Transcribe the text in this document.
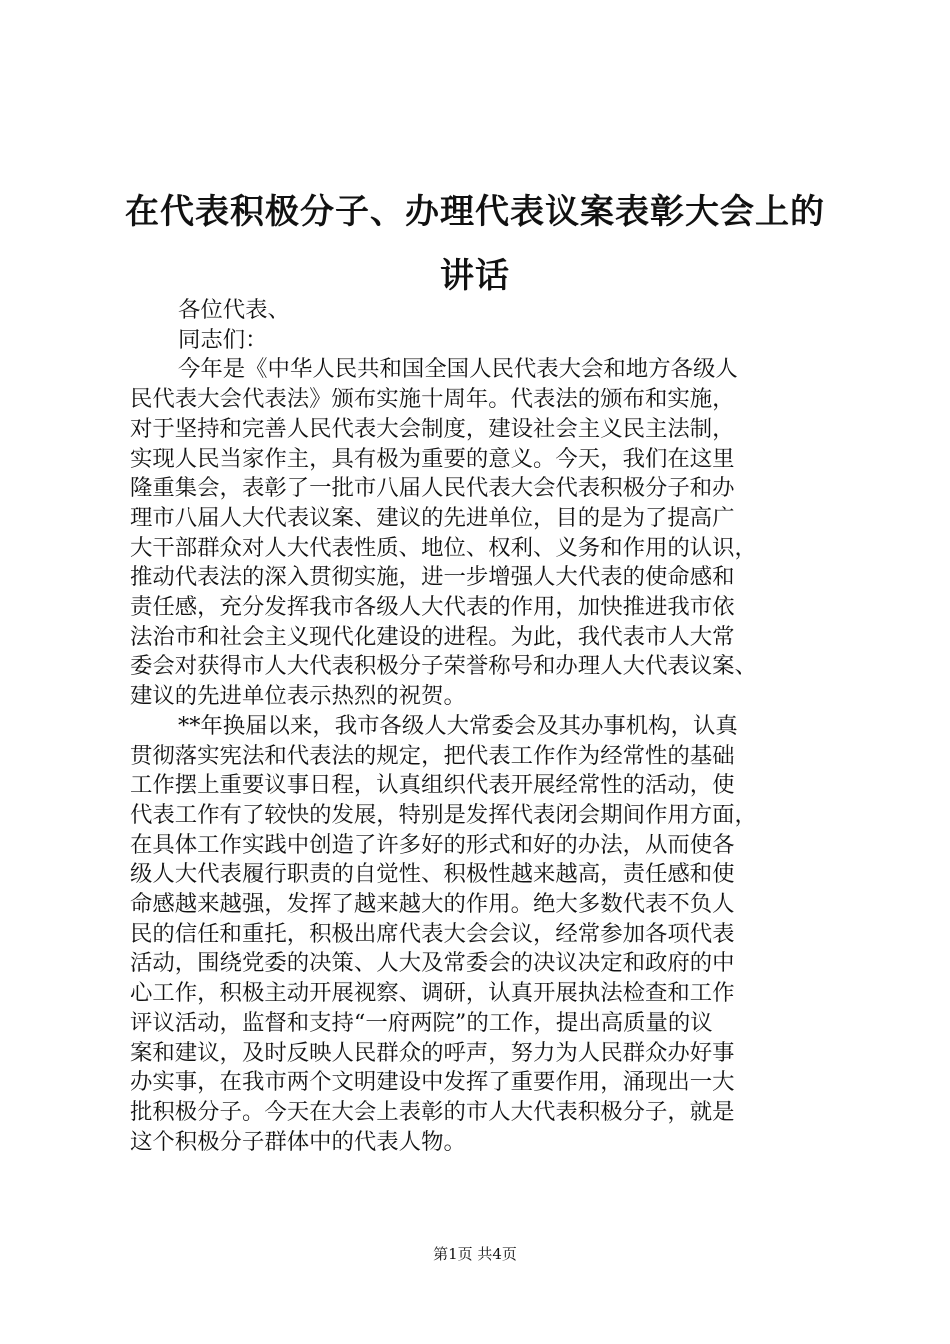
在代表积极分子、办理代表议案表彰大会上的
讲话
各位代表、
同志们：
今年是《中华人民共和国全国人民代表大会和地方各级人
民代表大会代表法》颁布实施十周年。代表法的颁布和实施，
对于坚持和完善人民代表大会制度，建设社会主义民主法制，
实现人民当家作主，具有极为重要的意义。今天，我们在这里
隆重集会，表彰了一批市八届人民代表大会代表积极分子和办
理市八届人大代表议案、建议的先进单位，目的是为了提高广
大干部群众对人大代表性质、地位、权利、义务和作用的认识，
推动代表法的深入贯彻实施，进一步增强人大代表的使命感和
责任感，充分发挥我市各级人大代表的作用，加快推进我市依
法治市和社会主义现代化建设的进程。为此，我代表市人大常
委会对获得市人大代表积极分子荣誉称号和办理人大代表议案、
建议的先进单位表示热烈的祝贺。
**年换届以来，我市各级人大常委会及其办事机构，认真
贯彻落实宪法和代表法的规定，把代表工作作为经常性的基础
工作摆上重要议事日程，认真组织代表开展经常性的活动，使
代表工作有了较快的发展，特别是发挥代表闭会期间作用方面，
在具体工作实践中创造了许多好的形式和好的办法，从而使各
级人大代表履行职责的自觉性、积极性越来越高，责任感和使
命感越来越强，发挥了越来越大的作用。绝大多数代表不负人
民的信任和重托，积极出席代表大会会议，经常参加各项代表
活动，围绕党委的决策、人大及常委会的决议决定和政府的中
心工作，积极主动开展视察、调研，认真开展执法检查和工作
评议活动，监督和支持“一府两院”的工作，提出高质量的议
案和建议，及时反映人民群众的呼声，努力为人民群众办好事
办实事，在我市两个文明建设中发挥了重要作用，涌现出一大
批积极分子。今天在大会上表彰的市人大代表积极分子，就是
这个积极分子群体中的代表人物。
第1页 共4页
